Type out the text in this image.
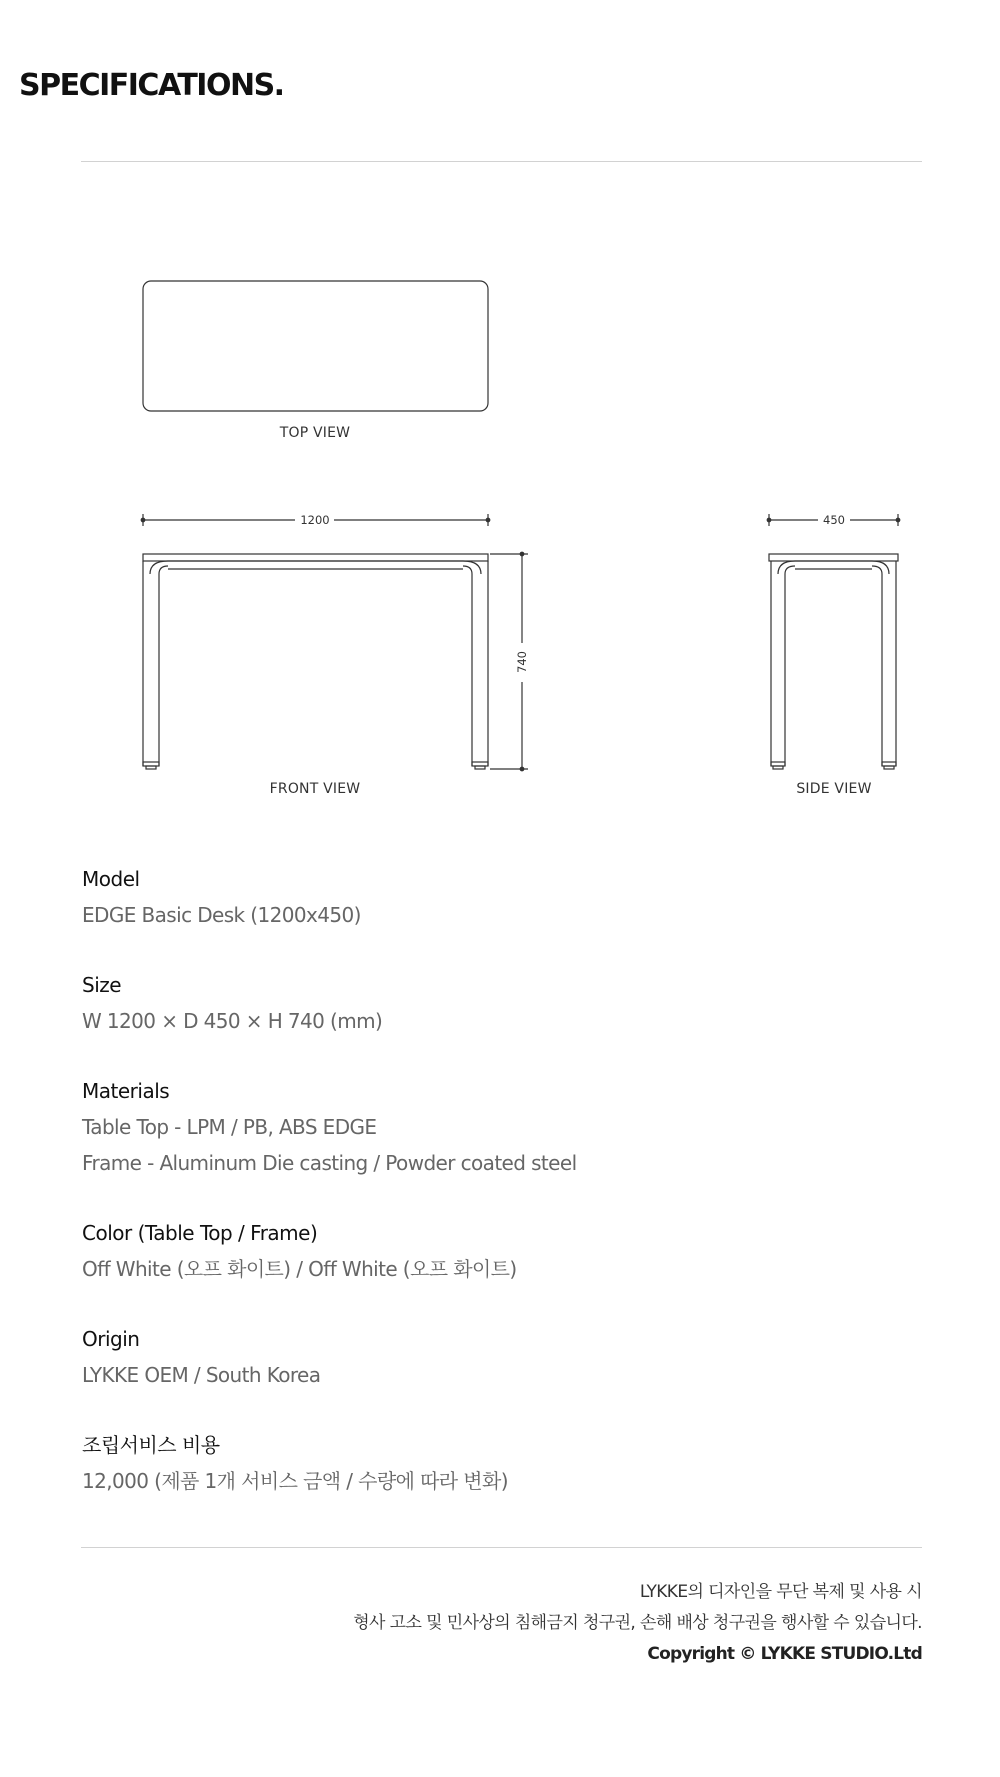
SPECIFICATIONS.
TOP VIEW
1200
740
FRONT VIEW
450
SIDE VIEW
Model
EDGE Basic Desk (1200x450)
Size
W 1200 × D 450 × H 740 (mm)
Materials
Table Top - LPM / PB, ABS EDGE
Frame - Aluminum Die casting / Powder coated steel
Color (Table Top / Frame)
Off White (오프 화이트) / Off White (오프 화이트)
Origin
LYKKE OEM / South Korea
조립서비스 비용
12,000 (제품 1개 서비스 금액 / 수량에 따라 변화)
LYKKE의 디자인을 무단 복제 및 사용 시
형사 고소 및 민사상의 침해금지 청구권, 손해 배상 청구권을 행사할 수 있습니다.
Copyright © LYKKE STUDIO.Ltd
